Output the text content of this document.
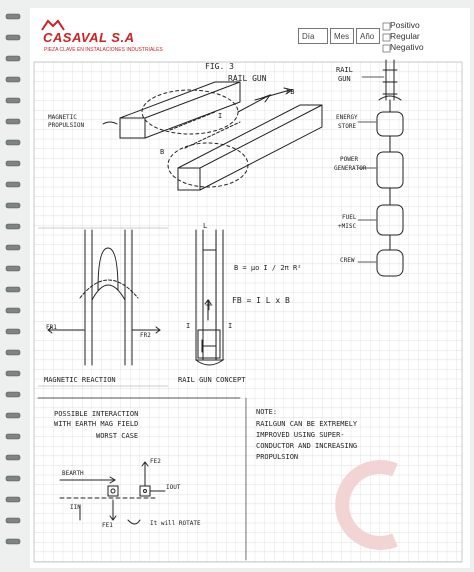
CASAVAL S.A
PIEZA CLAVE EN INSTALACIONES INDUSTRIALES
Día	Mes	Año
Positivo
Regular
Negativo
FIG. 3
RAIL GUN
MAGNETIC
PROPULSION
FB
I
B
RAIL
GUN
ENERGY
STORE
POWER
GENERATOR
FUEL
+MISC
CREW
FR1
FR2
L
I	I
B = μo I / 2π R²
FB = I L x B
MAGNETIC REACTION	RAIL GUN CONCEPT
POSSIBLE INTERACTION
WITH EARTH MAG FIELD
WORST CASE
NOTE:
RAILGUN CAN BE EXTREMELY
IMPROVED USING SUPER-
CONDUCTOR AND INCREASING
PROPULSION
BEARTH
FE2
IOUT
IIN
FE1	It will ROTATE
